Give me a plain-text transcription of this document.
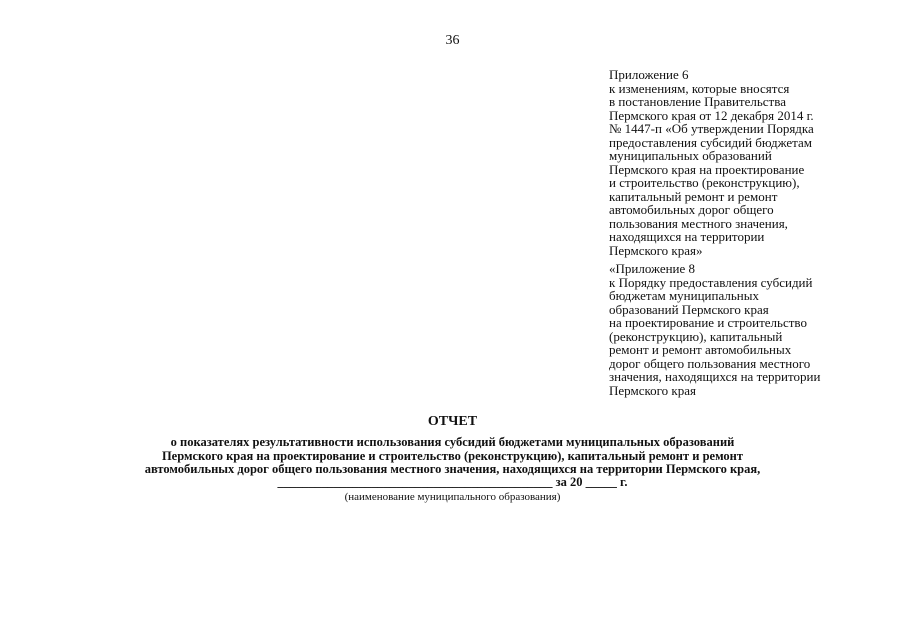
36
Приложение 6
к изменениям, которые вносятся
в постановление Правительства
Пермского края от 12 декабря 2014 г.
№ 1447-п «Об утверждении Порядка
предоставления субсидий бюджетам
муниципальных образований
Пермского края на проектирование
и строительство (реконструкцию),
капитальный ремонт и ремонт
автомобильных дорог общего
пользования местного значения,
находящихся на территории
Пермского края»
«Приложение 8
к Порядку предоставления субсидий
бюджетам муниципальных
образований Пермского края
на проектирование и строительство
(реконструкцию), капитальный
ремонт и ремонт автомобильных
дорог общего пользования местного
значения, находящихся на территории
Пермского края
ОТЧЕТ
о показателях результативности использования субсидий бюджетами муниципальных образований
Пермского края на проектирование и строительство (реконструкцию), капитальный ремонт и ремонт
автомобильных дорог общего пользования местного значения, находящихся на территории Пермского края,
____________________________________________ за 20 _____ г.
(наименование муниципального образования)
